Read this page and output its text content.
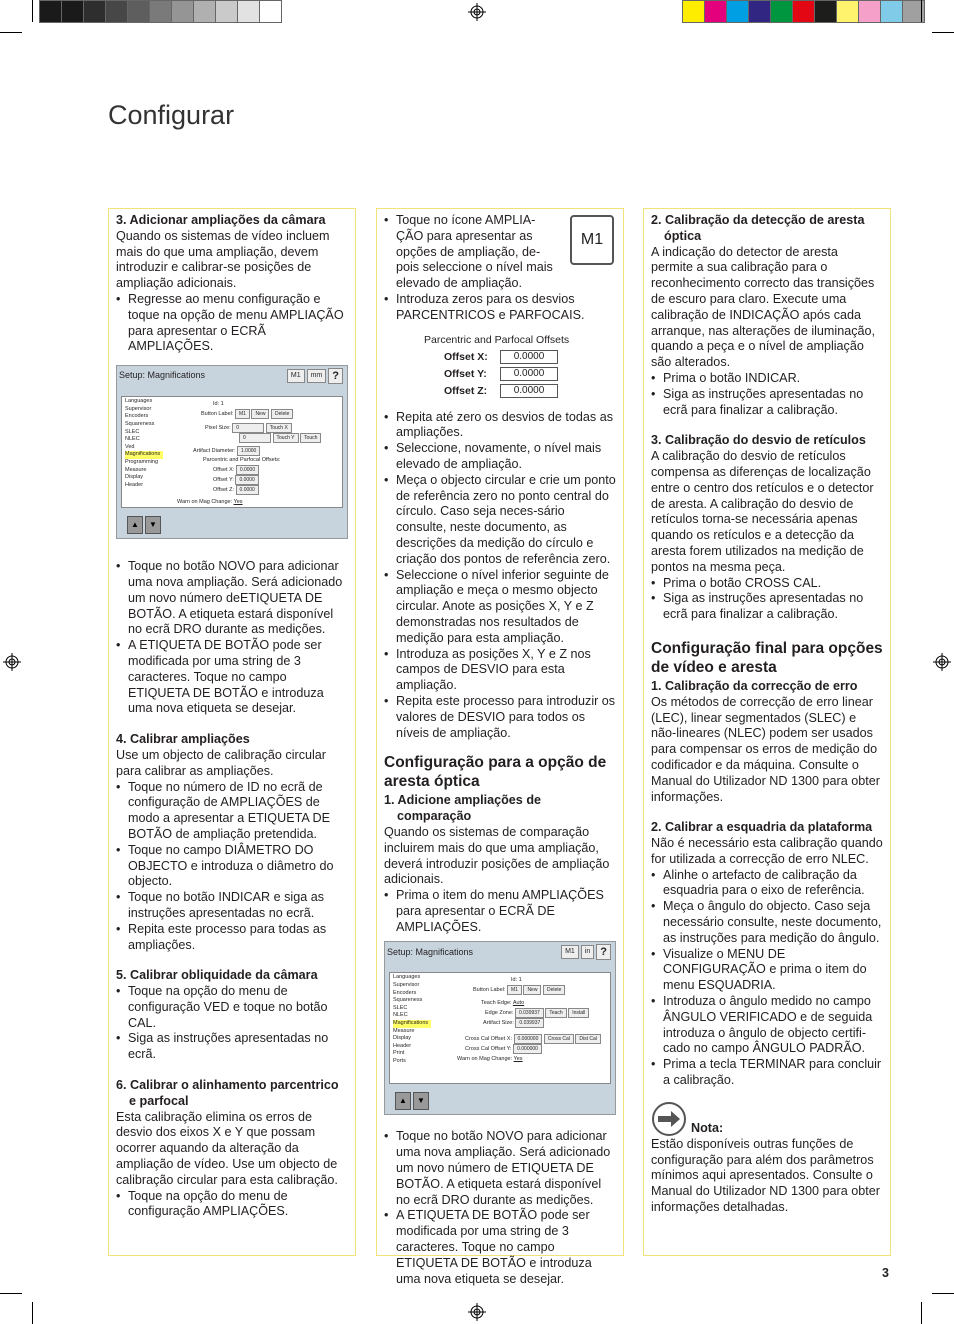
Configurar
3. Adicionar ampliações da câmara

Quando os sistemas de vídeo incluem mais do que uma ampliação, devem introduzir e calibrar-se posições de ampliação adicionais.

• Regresse ao menu configuração e toque na opção de menu AMPLIAÇÃO para apresentar o ECRÃ AMPLIAÇÕES.
Setup: Magnifications	M1	mm ?
Languages
Supervisor
Encoders
Squareness
SLEC
NLEC
Ved
Magnifications
Programming
Measure
Display
Header
Id: 1
Button Label: M1 New Delete
Pixel Size: 0	Touch X
0	Touch Y Touch
Artifact Diameter: 1.0000
Parcentric and Parfocal Offsets:
Offset X: 0.0000
Offset Y: 0.0000
Offset Z: 0.0000
Warn on Mag Change: Yes
▲	▼
• Toque no botão NOVO para adicionar uma nova ampliação. Será adicionado um novo número deETIQUETA DE BOTÃO. A etiqueta estará disponível no ecrã DRO durante as medições.
• A ETIQUETA DE BOTÃO pode ser modificada por uma string de 3 caracteres. Toque no campo ETIQUETA DE BOTÃO e introduza uma nova etiqueta se desejar.
4. Calibrar ampliações

Use um objecto de calibração circular para calibrar as ampliações.

• Toque no número de ID no ecrã de configuração de AMPLIAÇÕES de modo a apresentar a ETIQUETA DE BOTÃO de ampliação pretendida.
• Toque no campo DIÂMETRO DO OBJECTO e introduza o diâmetro do objecto.
• Toque no botão INDICAR e siga as instruções apresentadas no ecrã.
• Repita este processo para todas as ampliações.
5. Calibrar obliquidade da câmara
• Toque na opção do menu de configuração VED e toque no botão CAL.
• Siga as instruções apresentadas no ecrã.
6. Calibrar o alinhamento parcentrico e parfocal

Esta calibração elimina os erros de desvio dos eixos X e Y que possam ocorrer aquando da alteração da ampliação de vídeo. Use um objecto de calibração circular para esta calibração.

• Toque na opção do menu de configuração AMPLIAÇÕES.
M1
• Toque no ícone AMPLIA-ÇÃO para apresentar as opções de ampliação, de-pois seleccione o nível mais elevado de ampliação.
• Introduza zeros para os desvios PARCENTRICOS e PARFOCAIS.
Parcentric and Parfocal Offsets
Offset X:	0.0000
Offset Y:	0.0000
Offset Z:	0.0000
• Repita até zero os desvios de todas as ampliações.
• Seleccione, novamente, o nível mais elevado de ampliação.
• Meça o objecto circular e crie um ponto de referência zero no ponto central do círculo. Caso seja neces-sário consulte, neste documento, as descrições da medição do círculo e criação dos pontos de referência zero.
• Seleccione o nível inferior seguinte de ampliação e meça o mesmo objecto circular. Anote as posições X, Y e Z demonstradas nos resultados de medição para esta ampliação.
• Introduza as posições X, Y e Z nos campos de DESVIO para esta ampliação.
• Repita este processo para introduzir os valores de DESVIO para todos os níveis de ampliação.
Configuração para a opção de aresta óptica
1. Adicione ampliações de comparação

Quando os sistemas de comparação incluirem mais do que uma ampliação, deverá introduzir posições de ampliação adicionais.

• Prima o item do menu AMPLIAÇÕES para apresentar o ECRÃ DE AMPLIAÇÕES.
Setup: Magnifications	M1	in ?
Languages
Supervisor
Encoders
Squareness
SLEC
NLEC
Magnifications
Measure
Display
Header
Print
Ports
Id: 1
Button Label: M1 New Delete
Teach Edge: Auto
Edge Zone: 0.039937 Teach Install
Artifact Size: 0.039937
Cross Cal Offset X: 0.000000 Cross Cal Dist Cal
Cross Cal Offset Y: 0.000000
Warn on Mag Change: Yes
▲	▼
• Toque no botão NOVO para adicionar uma nova ampliação. Será adicionado um novo número de ETIQUETA DE BOTÃO. A etiqueta estará disponível no ecrã DRO durante as medições.
• A ETIQUETA DE BOTÃO pode ser modificada por uma string de 3 caracteres. Toque no campo ETIQUETA DE BOTÃO e introduza uma nova etiqueta se desejar.
2. Calibração da detecção de aresta óptica

A indicação do detector de aresta permite a sua calibração para o reconhecimento correcto das transições de escuro para claro. Execute uma calibração de INDICAÇÃO após cada arranque, nas alterações de iluminação, quando a peça e o nível de ampliação são alterados.

• Prima o botão INDICAR.
• Siga as instruções apresentadas no ecrã para finalizar a calibração.
3. Calibração do desvio de retículos

A calibração do desvio de retículos compensa as diferenças de localização entre o centro dos retículos e o detector de aresta. A calibração do desvio de retículos torna-se necessária apenas quando os retículos e a detecção da aresta forem utilizados na medição de pontos na mesma peça.

• Prima o botão CROSS CAL.
• Siga as instruções apresentadas no ecrã para finalizar a calibração.
Configuração final para opções de vídeo e aresta
1. Calibração da correcção de erro

Os métodos de correcção de erro linear (LEC), linear segmentados (SLEC) e não-lineares (NLEC) podem ser usados para compensar os erros de medição do codificador e da máquina. Consulte o Manual do Utilizador ND 1300 para obter informações.

2. Calibrar a esquadria da plataforma

Não é necessário esta calibração quando for utilizada a correcção de erro NLEC.

• Alinhe o artefacto de calibração da esquadria para o eixo de referência.
• Meça o ângulo do objecto. Caso seja necessário consulte, neste documento, as instruções para medição do ângulo.
• Visualize o MENU DE CONFIGURAÇÃO e prima o item do menu ESQUADRIA.
• Introduza o ângulo medido no campo ÂNGULO VERIFICADO e de seguida introduza o ângulo de objecto certifi-cado no campo ÂNGULO PADRÃO.
• Prima a tecla TERMINAR para concluir a calibração.
Nota:

Estão disponíveis outras funções de configuração para além dos parâmetros mínimos aqui apresentados. Consulte o Manual do Utilizador ND 1300 para obter informações detalhadas.

3
